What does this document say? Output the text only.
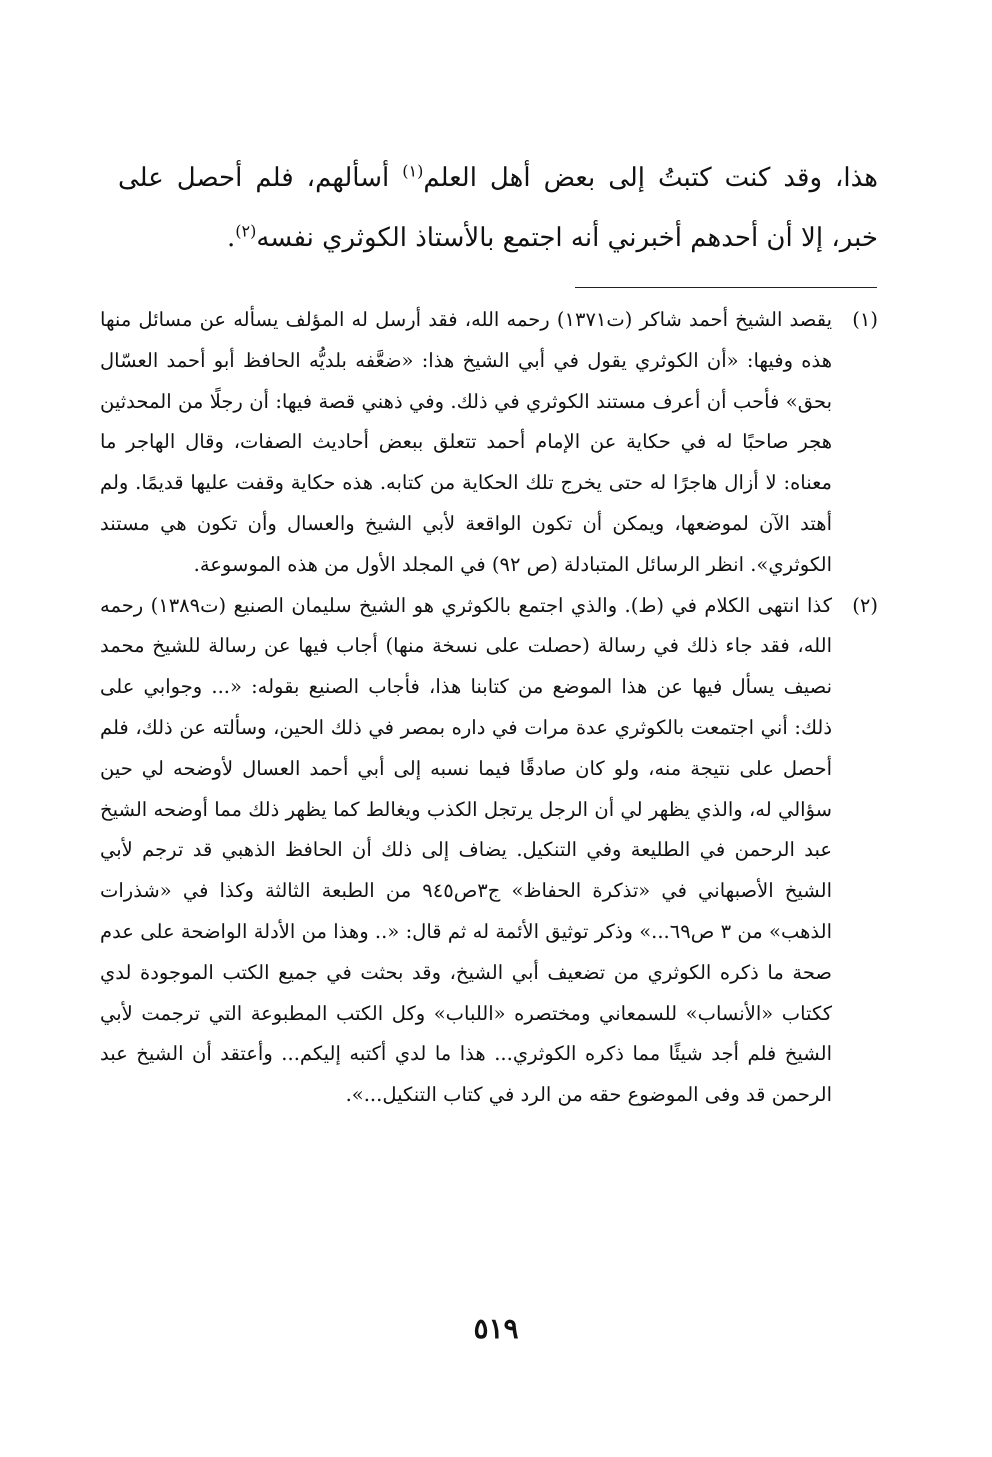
هذا، وقد كنت كتبتُ إلى بعض أهل العلم$^{(١)}$ أسألهم، فلم أحصل على خبر، إلا أن أحدهم أخبرني أنه اجتمع بالأستاذ الكوثري نفسه$^{(٢)}$.

(١)
يقصد الشيخ أحمد شاكر (ت١٣٧١) رحمه الله، فقد أرسل له المؤلف يسأله عن مسائل منها هذه وفيها: «أن الكوثري يقول في أبي الشيخ هذا: «ضعَّفه بلديُّه الحافظ أبو أحمد العسّال بحق» فأحب أن أعرف مستند الكوثري في ذلك. وفي ذهني قصة فيها: أن رجلًا من المحدثين هجر صاحبًا له في حكاية عن الإمام أحمد تتعلق ببعض أحاديث الصفات، وقال الهاجر ما معناه: لا أزال هاجرًا له حتى يخرج تلك الحكاية من كتابه. هذه حكاية وقفت عليها قديمًا. ولم أهتد الآن لموضعها، ويمكن أن تكون الواقعة لأبي الشيخ والعسال وأن تكون هي مستند الكوثري». انظر الرسائل المتبادلة (ص ٩٢) في المجلد الأول من هذه الموسوعة.
(٢)
كذا انتهى الكلام في (ط). والذي اجتمع بالكوثري هو الشيخ سليمان الصنيع (ت١٣٨٩) رحمه الله، فقد جاء ذلك في رسالة (حصلت على نسخة منها) أجاب فيها عن رسالة للشيخ محمد نصيف يسأل فيها عن هذا الموضع من كتابنا هذا، فأجاب الصنيع بقوله: «... وجوابي على ذلك: أني اجتمعت بالكوثري عدة مرات في داره بمصر في ذلك الحين، وسألته عن ذلك، فلم أحصل على نتيجة منه، ولو كان صادقًا فيما نسبه إلى أبي أحمد العسال لأوضحه لي حين سؤالي له، والذي يظهر لي أن الرجل يرتجل الكذب ويغالط كما يظهر ذلك مما أوضحه الشيخ عبد الرحمن في الطليعة وفي التنكيل. يضاف إلى ذلك أن الحافظ الذهبي قد ترجم لأبي الشيخ الأصبهاني في «تذكرة الحفاظ» ج٣ص٩٤٥ من الطبعة الثالثة وكذا في «شذرات الذهب» من ٣ ص٦٩...» وذكر توثيق الأئمة له ثم قال: «.. وهذا من الأدلة الواضحة على عدم صحة ما ذكره الكوثري من تضعيف أبي الشيخ، وقد بحثت في جميع الكتب الموجودة لدي ككتاب «الأنساب» للسمعاني ومختصره «اللباب» وكل الكتب المطبوعة التي ترجمت لأبي الشيخ فلم أجد شيئًا مما ذكره الكوثري... هذا ما لدي أكتبه إليكم... وأعتقد أن الشيخ عبد الرحمن قد وفى الموضوع حقه من الرد في كتاب التنكيل...».
٥١٩
